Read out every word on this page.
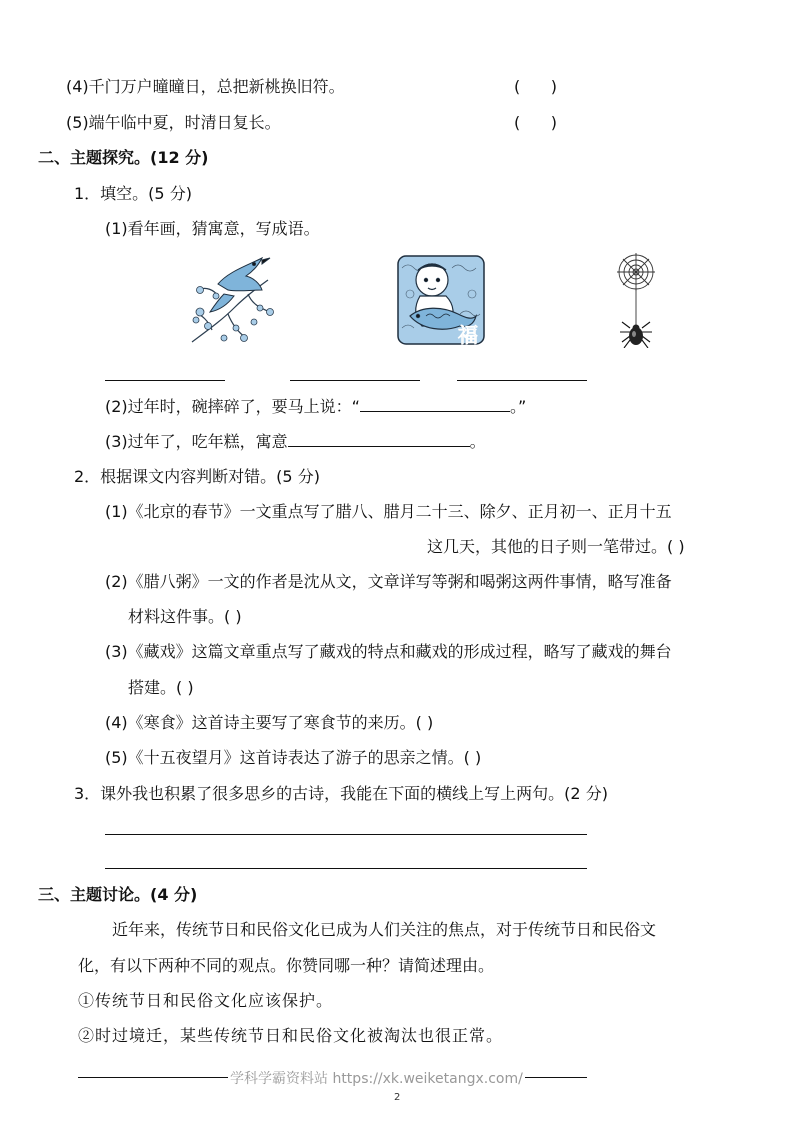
(4)千门万户曈曈日，总把新桃换旧符。	(      )
(5)端午临中夏，时清日复长。	(      )
二、主题探究。(12 分)
1．填空。(5 分)
(1)看年画，猜寓意，写成语。
福
(2)过年时，碗摔碎了，要马上说：“	。”
(3)过年了，吃年糕，寓意	。
2．根据课文内容判断对错。(5 分)
(1)《北京的春节》一文重点写了腊八、腊月二十三、除夕、正月初一、正月十五
这几天，其他的日子则一笔带过。( )
(2)《腊八粥》一文的作者是沈从文，文章详写等粥和喝粥这两件事情，略写准备
材料这件事。( )
(3)《藏戏》这篇文章重点写了藏戏的特点和藏戏的形成过程，略写了藏戏的舞台
搭建。( )
(4)《寒食》这首诗主要写了寒食节的来历。( )
(5)《十五夜望月》这首诗表达了游子的思亲之情。( )
3．课外我也积累了很多思乡的古诗，我能在下面的横线上写上两句。(2 分)
三、主题讨论。(4 分)
近年来，传统节日和民俗文化已成为人们关注的焦点，对于传统节日和民俗文
化，有以下两种不同的观点。你赞同哪一种？请简述理由。
①传统节日和民俗文化应该保护。
②时过境迁，某些传统节日和民俗文化被淘汰也很正常。
学科学霸资料站 https://xk.weiketangx.com/
2
